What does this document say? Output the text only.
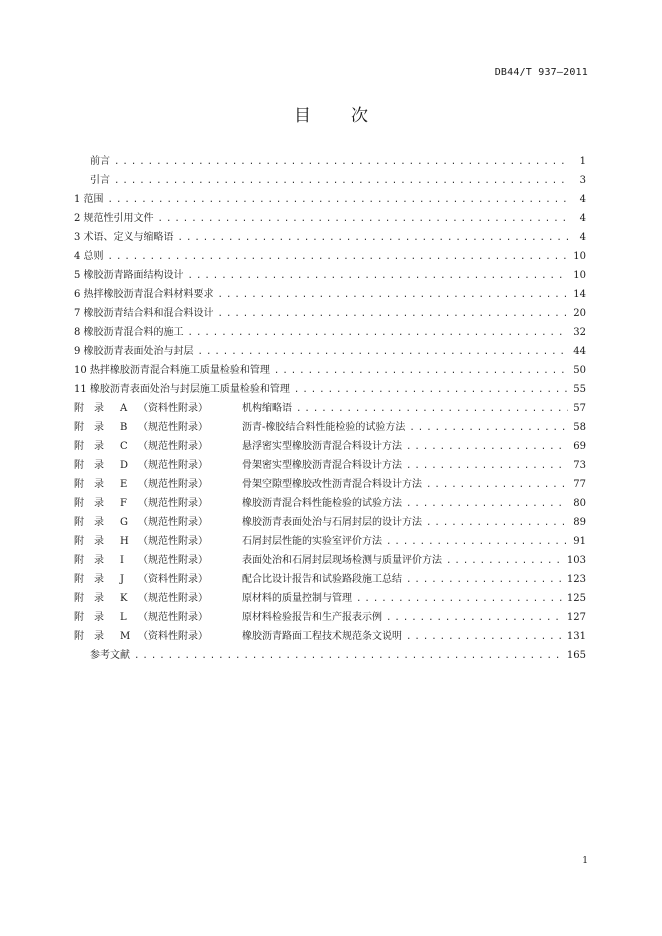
DB44/T 937—2011
目次
前言 .....	1
引言 .....	3
1 范围 .....	4
2 规范性引用文件 .....	4
3 术语、定义与缩略语 .....	4
4 总则 .....	10
5 橡胶沥青路面结构设计 .....	10
6 热拌橡胶沥青混合料材料要求 .....	14
7 橡胶沥青结合料和混合料设计 .....	20
8 橡胶沥青混合料的施工 .....	32
9 橡胶沥青表面处治与封层 .....	44
10 热拌橡胶沥青混合料施工质量检验和管理 .....	50
11 橡胶沥青表面处治与封层施工质量检验和管理 .....	55
附　录 A （资料性附录）	机构缩略语 .....	57
附　录 B （规范性附录）	沥青-橡胶结合料性能检验的试验方法 .....	58
附　录 C （规范性附录）	悬浮密实型橡胶沥青混合料设计方法 .....	69
附　录 D （规范性附录）	骨架密实型橡胶沥青混合料设计方法 .....	73
附　录 E （规范性附录）	骨架空隙型橡胶改性沥青混合料设计方法 .....	77
附　录 F （规范性附录）	橡胶沥青混合料性能检验的试验方法 .....	80
附　录 G （规范性附录）	橡胶沥青表面处治与石屑封层的设计方法 .....	89
附　录 H （规范性附录）	石屑封层性能的实验室评价方法 .....	91
附　录 I （规范性附录）	表面处治和石屑封层现场检测与质量评价方法 .....	103
附　录 J （资料性附录）	配合比设计报告和试验路段施工总结 .....	123
附　录 K （规范性附录）	原材料的质量控制与管理 .....	125
附　录 L （规范性附录）	原材料检验报告和生产报表示例 .....	127
附　录 M （资料性附录）	橡胶沥青路面工程技术规范条文说明 .....	131
参考文献 .....	165
1
